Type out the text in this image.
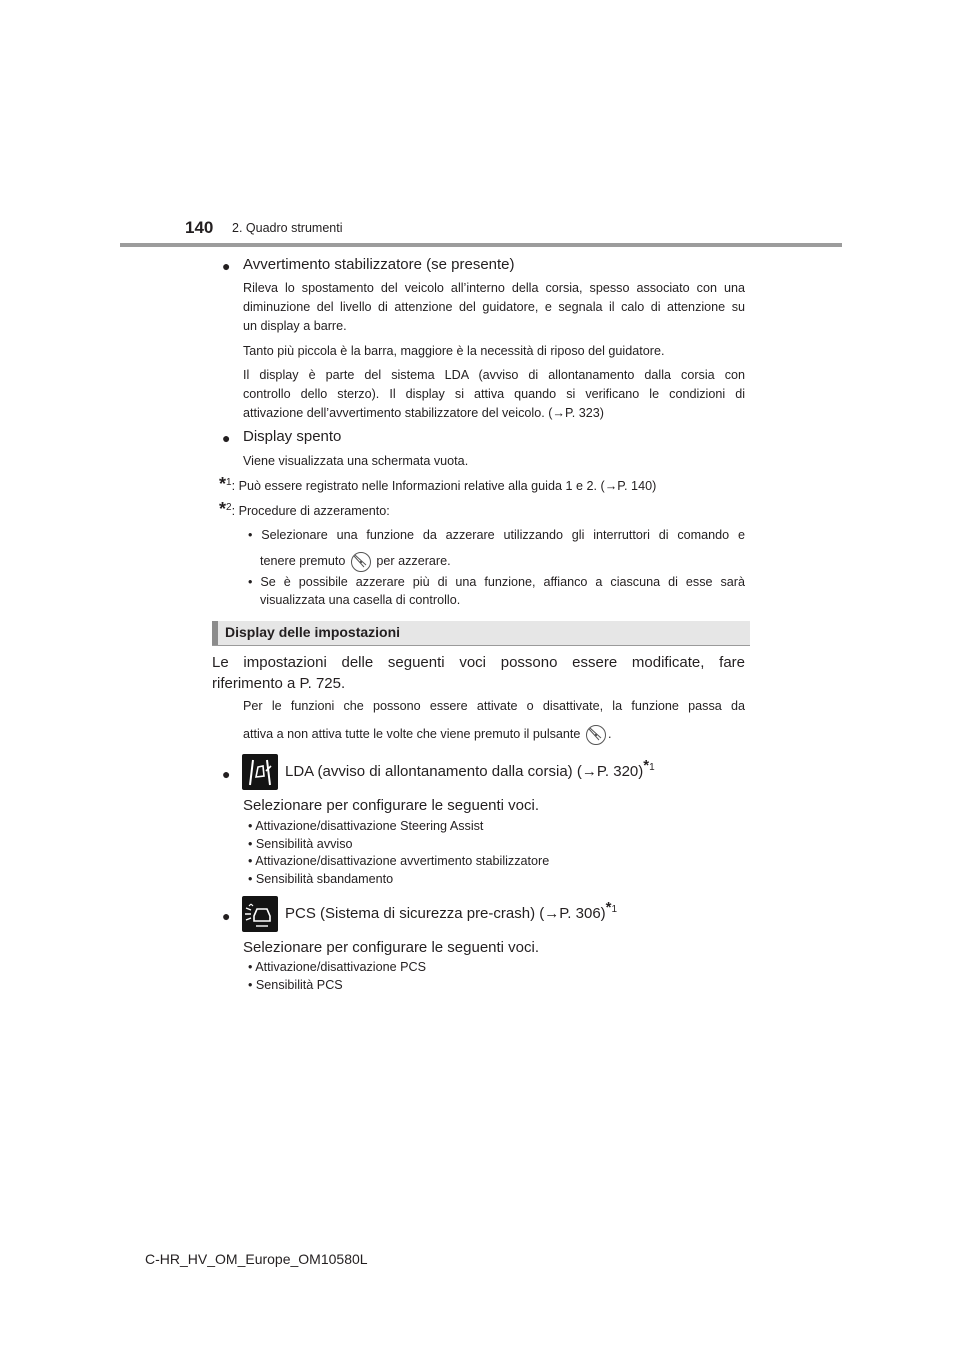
140 2. Quadro strumenti
● Avvertimento stabilizzatore (se presente)
Rileva lo spostamento del veicolo all’interno della corsia, spesso associato con una
diminuzione del livello di attenzione del guidatore, e segnala il calo di attenzione su
un display a barre.
Tanto più piccola è la barra, maggiore è la necessità di riposo del guidatore.
Il display è parte del sistema LDA (avviso di allontanamento dalla corsia con
controllo dello sterzo). Il display si attiva quando si verificano le condizioni di
attivazione dell’avvertimento stabilizzatore del veicolo. (→P. 323)
● Display spento
Viene visualizzata una schermata vuota.
*$^1$: Può essere registrato nelle Informazioni relative alla guida 1 e 2. (→P. 140)
*$^2$: Procedure di azzeramento:
• Selezionare una funzione da azzerare utilizzando gli interruttori di comando e
tenere premuto per azzerare.
• Se è possibile azzerare più di una funzione, affianco a ciascuna di esse sarà
visualizzata una casella di controllo.
Display delle impostazioni
Le impostazioni delle seguenti voci possono essere modificate, fare
riferimento a P. 725.
Per le funzioni che possono essere attivate o disattivate, la funzione passa da
attiva a non attiva tutte le volte che viene premuto il pulsante .
●	LDA (avviso di allontanamento dalla corsia) (→P. 320)*$^1$
Selezionare per configurare le seguenti voci.
• Attivazione/disattivazione Steering Assist
• Sensibilità avviso
• Attivazione/disattivazione avvertimento stabilizzatore
• Sensibilità sbandamento
●	PCS (Sistema di sicurezza pre-crash) (→P. 306)*$^1$
Selezionare per configurare le seguenti voci.
• Attivazione/disattivazione PCS
• Sensibilità PCS
C-HR_HV_OM_Europe_OM10580L
